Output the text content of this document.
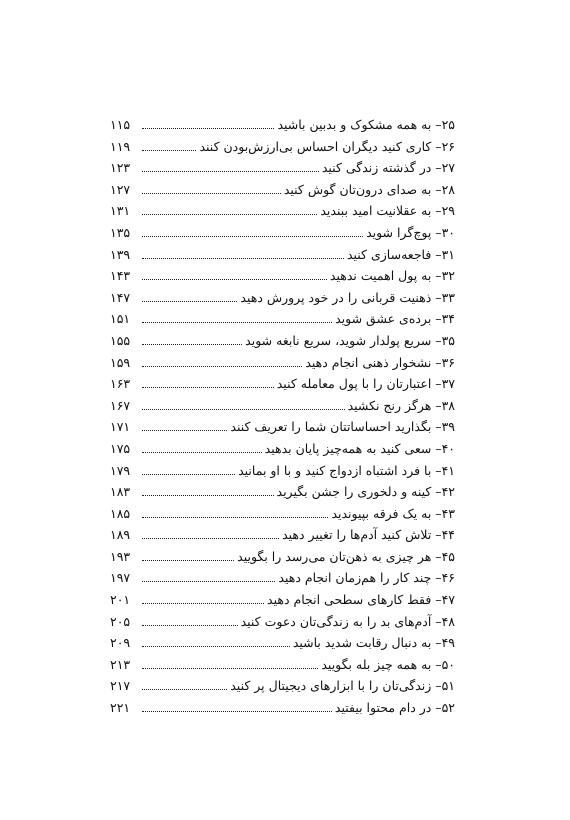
۲۵– به همه مشکوک و بدبین باشید
۱۱۵
۲۶– کاری کنید دیگران احساس بی‌ارزش‌بودن کنند
۱۱۹
۲۷– در گذشته زندگی کنید
۱۲۳
۲۸– به صدای درون‌تان گوش کنید
۱۲۷
۲۹– به عقلانیت امید ببندید
۱۳۱
۳۰– پوچ‌گرا شوید
۱۳۵
۳۱– فاجعه‌سازی کنید
۱۳۹
۳۲– به پول اهمیت ندهید
۱۴۳
۳۳– ذهنیت قربانی را در خود پرورش دهید
۱۴۷
۳۴– برده‌ی عشق شوید
۱۵۱
۳۵– سریع پولدار شوید، سریع نابغه شوید
۱۵۵
۳۶– نشخوار ذهنی انجام دهید
۱۵۹
۳۷– اعتبارتان را با پول معامله کنید
۱۶۳
۳۸– هرگز رنج نکشید
۱۶۷
۳۹– بگذارید احساساتتان شما را تعریف کنند
۱۷۱
۴۰– سعی کنید به همه‌چیز پایان بدهید
۱۷۵
۴۱– با فرد اشتباه ازدواج کنید و با او بمانید
۱۷۹
۴۲– کینه و دلخوری را جشن بگیرید
۱۸۳
۴۳– به یک فرقه بپیوندید
۱۸۵
۴۴– تلاش کنید آدم‌ها را تغییر دهید
۱۸۹
۴۵– هر چیزی به ذهن‌تان می‌رسد را بگویید
۱۹۳
۴۶– چند کار را هم‌زمان انجام دهید
۱۹۷
۴۷– فقط کارهای سطحی انجام دهید
۲۰۱
۴۸– آدم‌های بد را به زندگی‌تان دعوت کنید
۲۰۵
۴۹– به دنبال رقابت شدید باشید
۲۰۹
۵۰– به همه چیز بله بگویید
۲۱۳
۵۱– زندگی‌تان را با ابزارهای دیجیتال پر کنید
۲۱۷
۵۲– در دام محتوا بیفتید
۲۲۱
